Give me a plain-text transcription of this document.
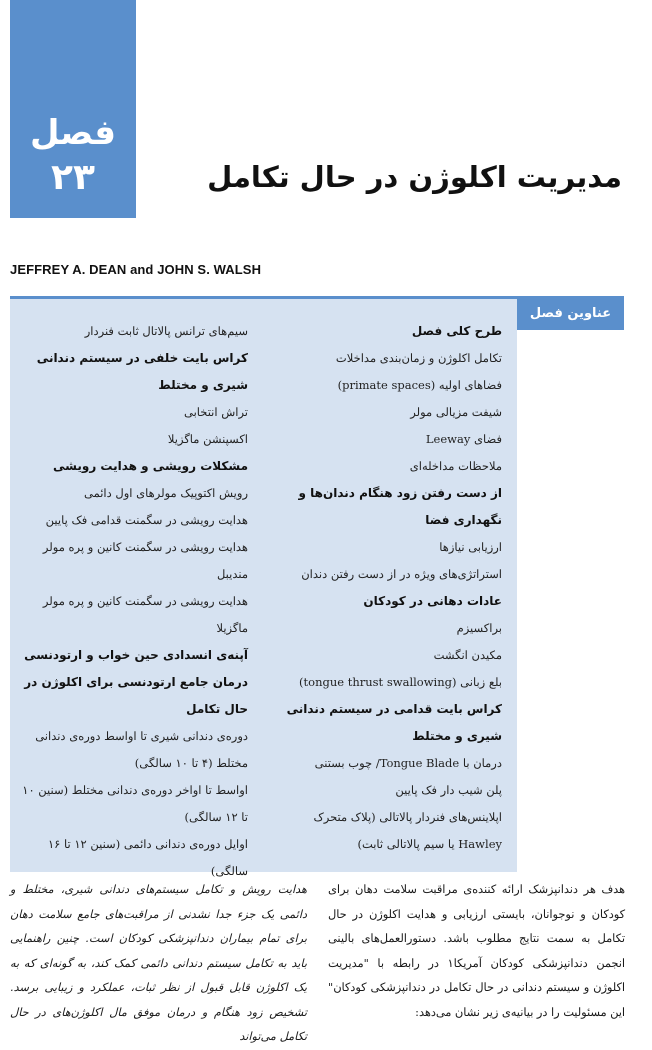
فصل
۲۳	مدیریت اکلوژن در حال تکامل
JEFFREY A. DEAN and JOHN S. WALSH
عناوین فصل
طرح کلی فصل
تکامل اکلوژن و زمان‌بندی مداخلات
فضاهای اولیه (primate spaces)
شیفت مزیالی مولر
فضای Leeway
ملاحظات مداخله‌ای
از دست رفتن زود هنگام دندان‌ها و نگهداری فضا
ارزیابی نیازها
استراتژی‌های ویژه در از دست رفتن دندان
عادات دهانی در کودکان
براکسیزم
مکیدن انگشت
بلع زبانی (tongue thrust swallowing)
کراس بایت قدامی در سیستم دندانی شیری و مختلط
درمان با Tongue Blade/ چوب بستنی
پلن شیب دار فک پایین
اپلاینس‌های فنردار پالاتالی (پلاک متحرک Hawley یا سیم پالاتالی ثابت)
سیم‌های ترانس پالاتال ثابت فنردار
کراس بایت خلفی در سیستم دندانی شیری و مختلط
تراش انتخابی
اکسپنشن ماگزیلا
مشکلات رویشی و هدایت رویشی
رویش اکتوپیک مولرهای اول دائمی
هدایت رویشی در سگمنت قدامی فک پایین
هدایت رویشی در سگمنت کانین و پره مولر مندیبل
هدایت رویشی در سگمنت کانین و پره مولر ماگزیلا
آپنه‌ی انسدادی حین خواب و ارتودنسی
درمان جامع ارتودنسی برای اکلوژن در حال تکامل
دوره‌ی دندانی شیری تا اواسط دوره‌ی دندانی مختلط (۴ تا ۱۰ سالگی)
اواسط تا اواخر دوره‌ی دندانی مختلط (سنین ۱۰ تا ۱۲ سالگی)
اوایل دوره‌ی دندانی دائمی (سنین ۱۲ تا ۱۶ سالگی)
هدف هر دندانپزشک ارائه کننده‌ی مراقبت سلامت دهان برای کودکان و نوجوانان، بایستی ارزیابی و هدایت اکلوژن در حال تکامل به سمت نتایج مطلوب باشد. دستورالعمل‌های بالینی انجمن دندانپزشکی کودکان آمریکا۱ در رابطه با "مدیریت اکلوژن و سیستم دندانی در حال تکامل در دندانپزشکی کودکان" این مسئولیت را در بیانیه‌ی زیر نشان می‌دهد:
هدایت رویش و تکامل سیستم‌های دندانی شیری، مختلط و دائمی یک جزء جدا نشدنی از مراقبت‌های جامع سلامت دهان برای تمام بیماران دندانپزشکی کودکان است. چنین راهنمایی باید به تکامل سیستم دندانی دائمی کمک کند، به گونه‌ای که به یک اکلوژن قابل قبول از نظر ثبات، عملکرد و زیبایی برسد. تشخیص زود هنگام و درمان موفق مال اکلوژن‌های در حال تکامل می‌تواند
